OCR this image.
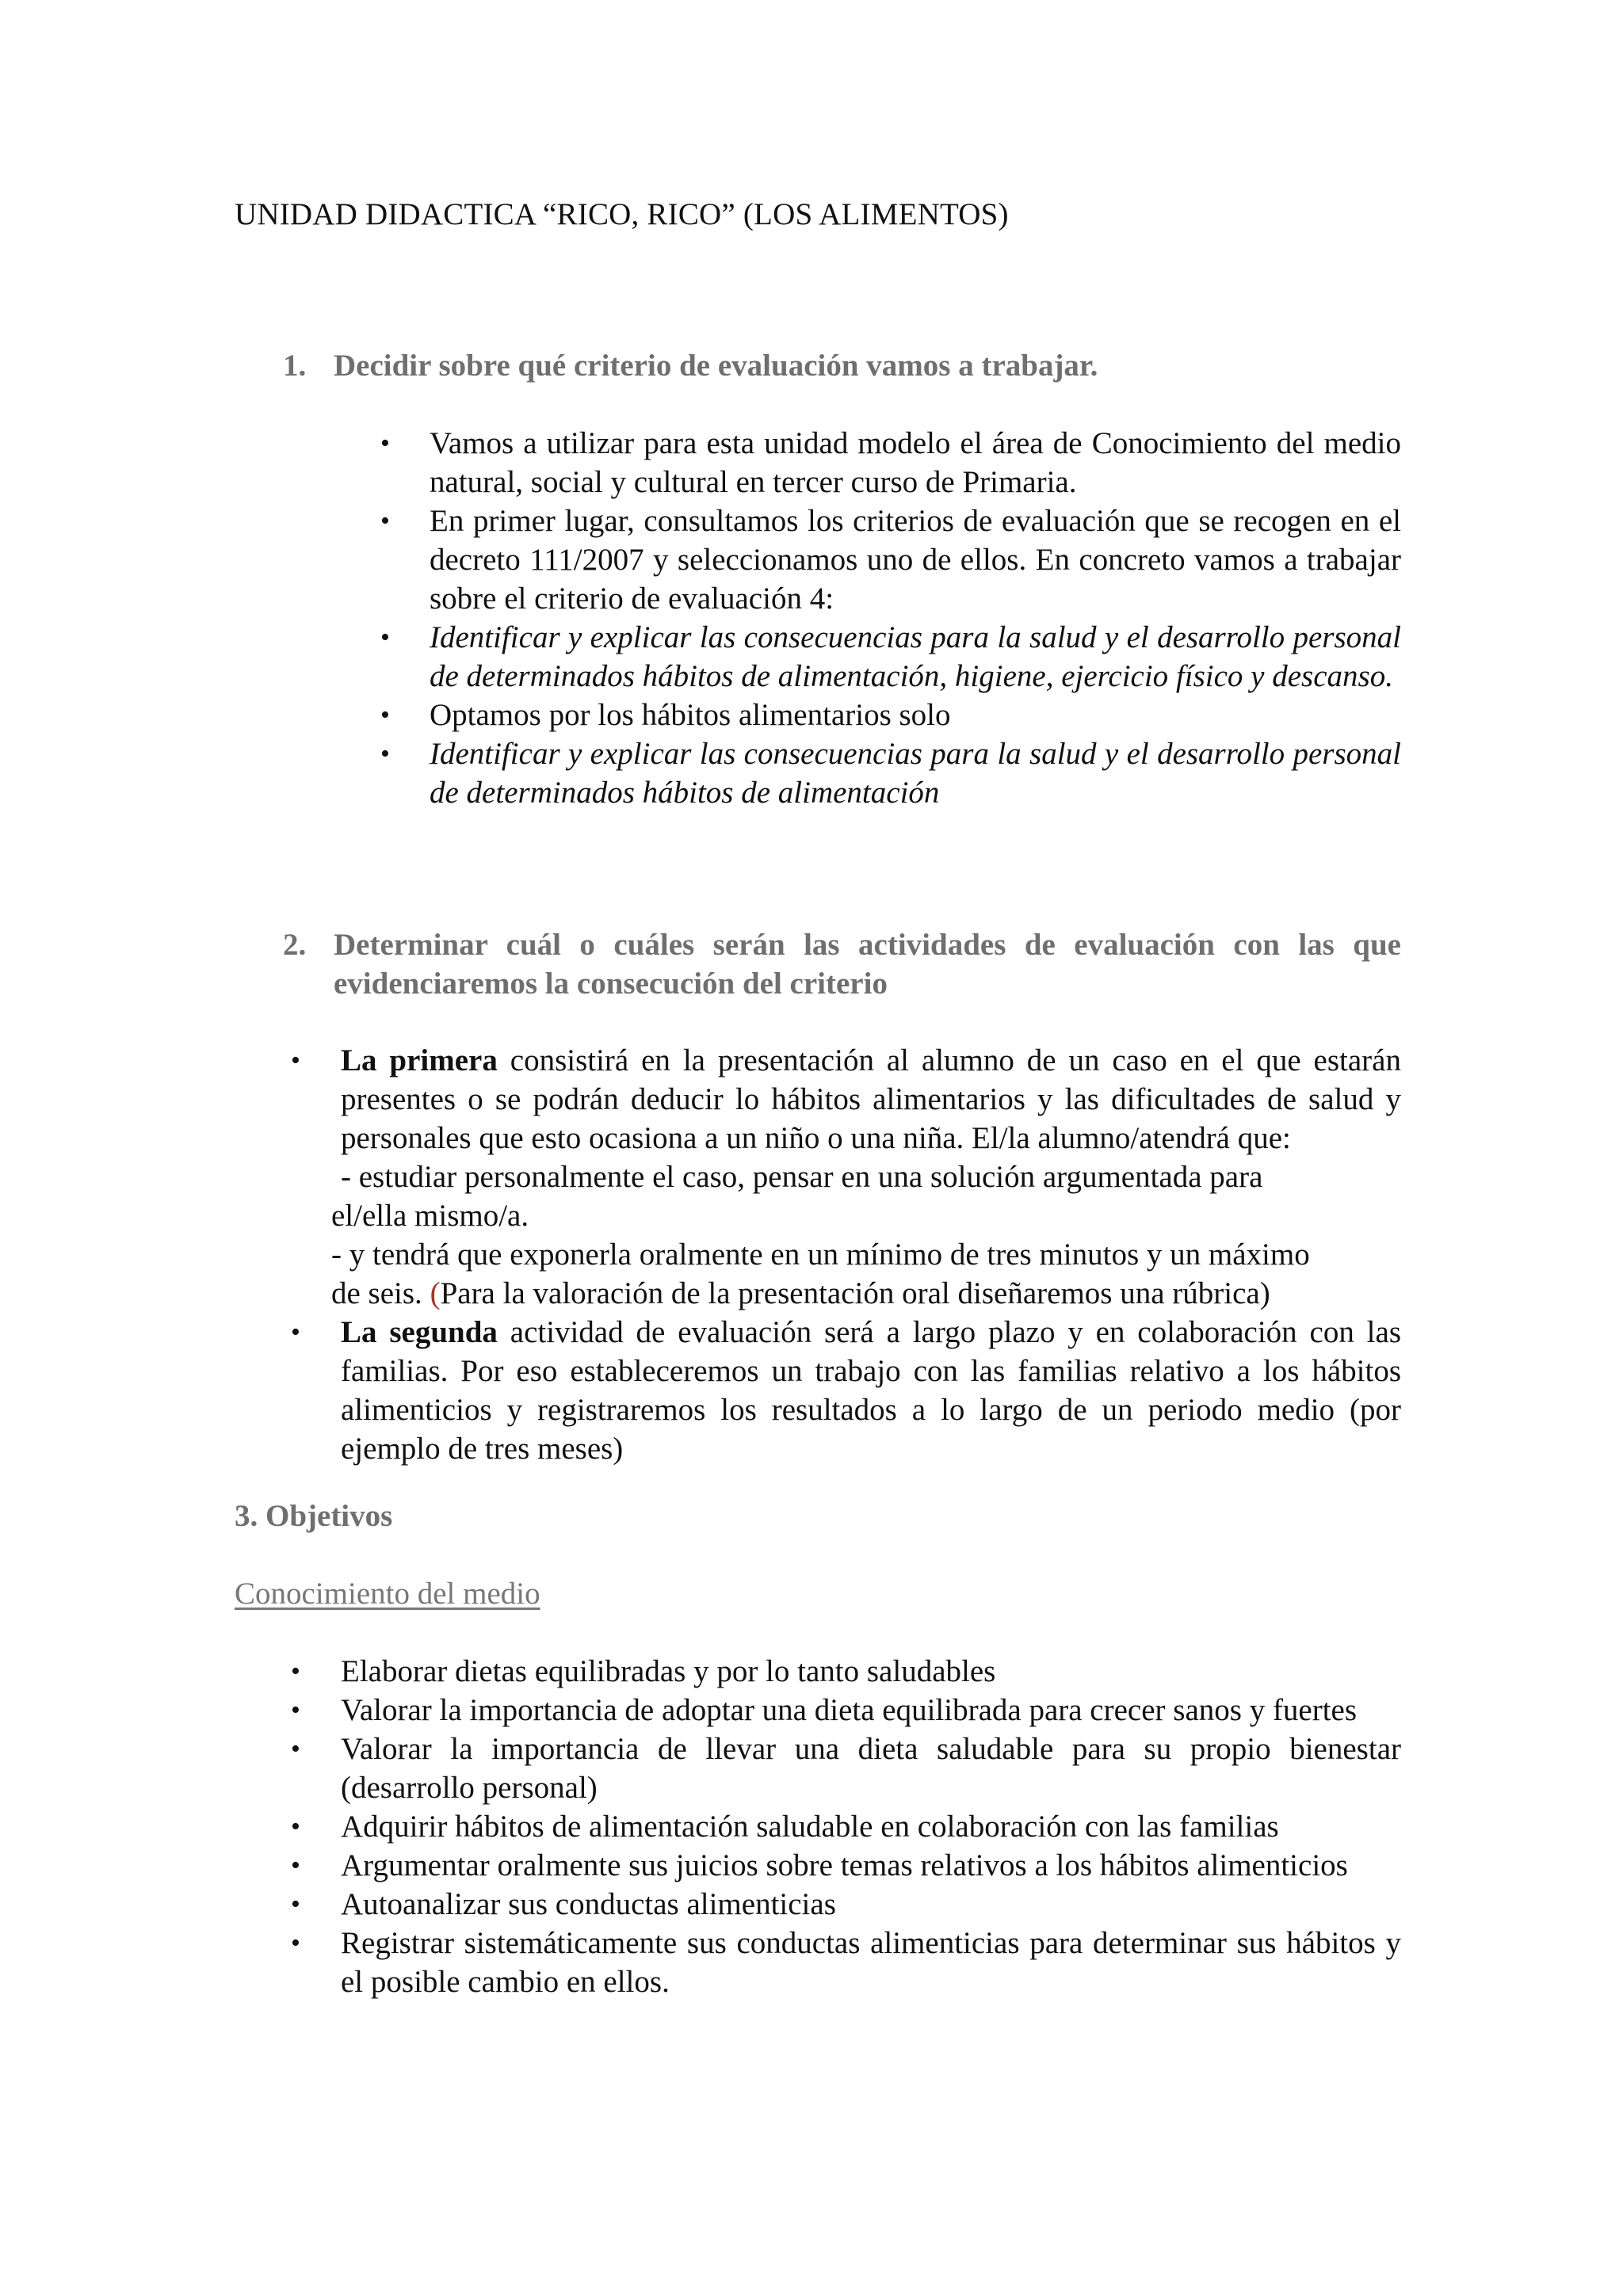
UNIDAD DIDACTICA “RICO, RICO” (LOS ALIMENTOS)
1. Decidir sobre qué criterio de evaluación vamos a trabajar.
• Vamos a utilizar para esta unidad modelo el área de Conocimiento del medio natural, social y cultural en tercer curso de Primaria.
• En primer lugar, consultamos los criterios de evaluación que se recogen en el decreto 111/2007 y seleccionamos uno de ellos. En concreto vamos a trabajar sobre el criterio de evaluación 4:
• Identificar y explicar las consecuencias para la salud y el desarrollo personal de determinados hábitos de alimentación, higiene, ejercicio físico y descanso.
• Optamos por los hábitos alimentarios solo
• Identificar y explicar las consecuencias para la salud y el desarrollo personal de determinados hábitos de alimentación
2. Determinar cuál o cuáles serán las actividades de evaluación con las que evidenciaremos la consecución del criterio
• La primera consistirá en la presentación al alumno de un caso en el que estarán presentes o se podrán deducir lo hábitos alimentarios y las dificultades de salud y personales que esto ocasiona a un niño o una niña. El/la alumno/atendrá que:
- estudiar personalmente el caso, pensar en una solución argumentada para
el/ella mismo/a.
- y tendrá que exponerla oralmente en un mínimo de tres minutos y un máximo
de seis. (Para la valoración de la presentación oral diseñaremos una rúbrica)
• La segunda actividad de evaluación será a largo plazo y en colaboración con las familias. Por eso estableceremos un trabajo con las familias relativo a los hábitos alimenticios y registraremos los resultados a lo largo de un periodo medio (por ejemplo de tres meses)
3. Objetivos
Conocimiento del medio
• Elaborar dietas equilibradas y por lo tanto saludables
• Valorar la importancia de adoptar una dieta equilibrada para crecer sanos y fuertes
• Valorar la importancia de llevar una dieta saludable para su propio bienestar (desarrollo personal)
• Adquirir hábitos de alimentación saludable en colaboración con las familias
• Argumentar oralmente sus juicios sobre temas relativos a los hábitos alimenticios
• Autoanalizar sus conductas alimenticias
• Registrar sistemáticamente sus conductas alimenticias para determinar sus hábitos y el posible cambio en ellos.
